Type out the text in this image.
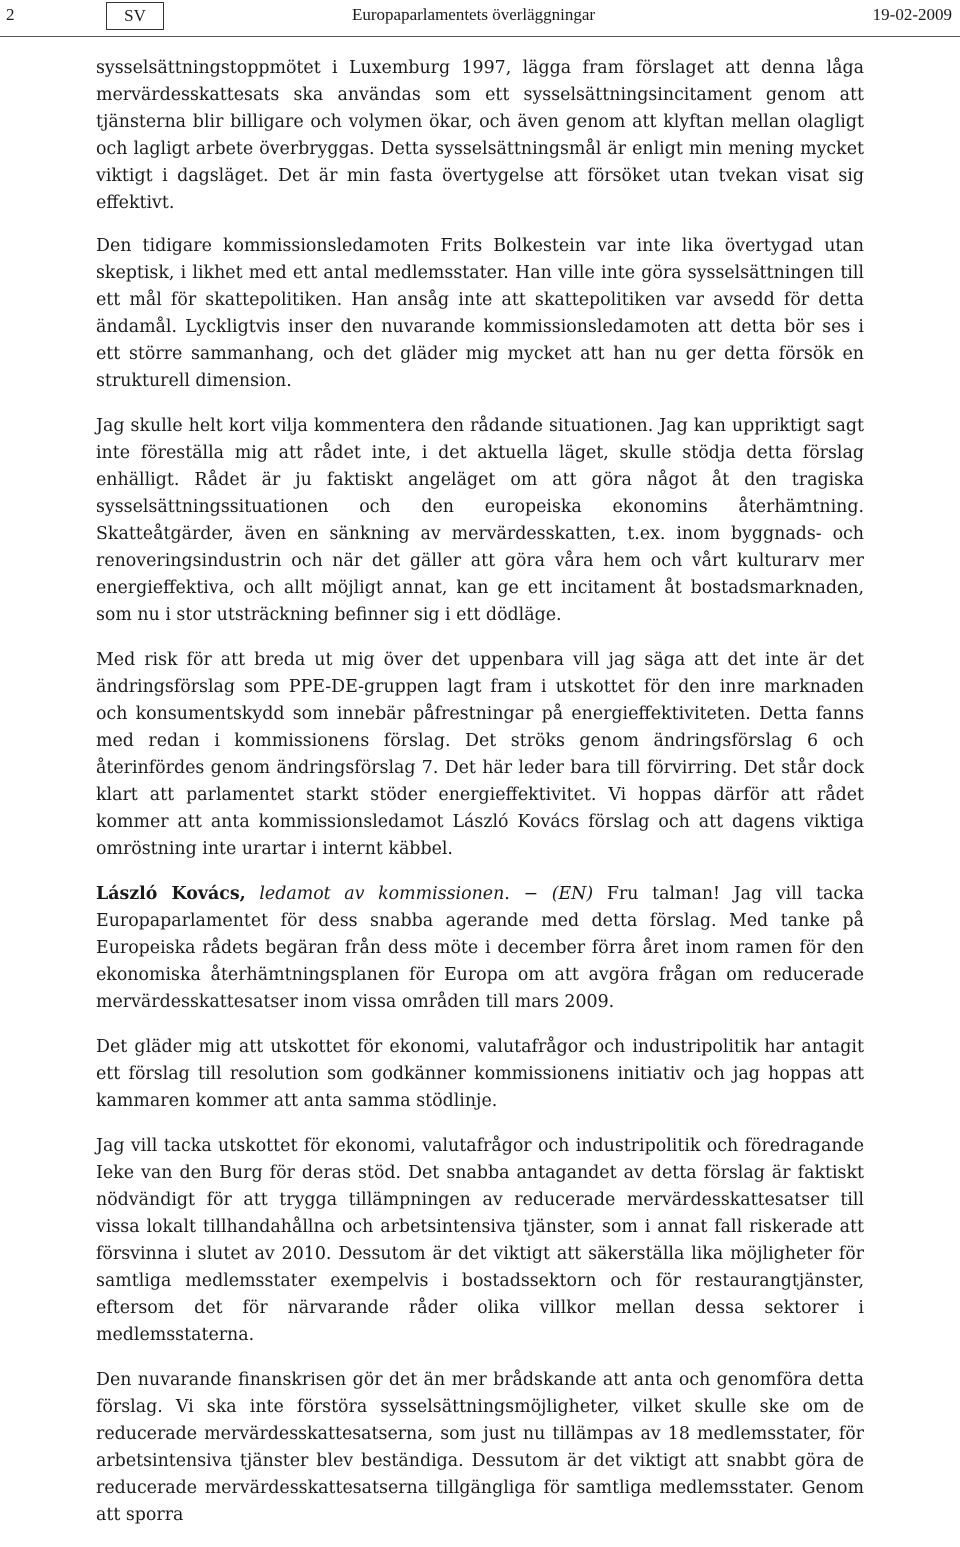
2	SV	Europaparlamentets överläggningar	19-02-2009

sysselsättningstoppmötet i Luxemburg 1997, lägga fram förslaget att denna låga mervärdesskattesats ska användas som ett sysselsättningsincitament genom att tjänsterna blir billigare och volymen ökar, och även genom att klyftan mellan olagligt och lagligt arbete överbryggas. Detta sysselsättningsmål är enligt min mening mycket viktigt i dagsläget. Det är min fasta övertygelse att försöket utan tvekan visat sig effektivt.

Den tidigare kommissionsledamoten Frits Bolkestein var inte lika övertygad utan skeptisk, i likhet med ett antal medlemsstater. Han ville inte göra sysselsättningen till ett mål för skattepolitiken. Han ansåg inte att skattepolitiken var avsedd för detta ändamål. Lyckligtvis inser den nuvarande kommissionsledamoten att detta bör ses i ett större sammanhang, och det gläder mig mycket att han nu ger detta försök en strukturell dimension.

Jag skulle helt kort vilja kommentera den rådande situationen. Jag kan uppriktigt sagt inte föreställa mig att rådet inte, i det aktuella läget, skulle stödja detta förslag enhälligt. Rådet är ju faktiskt angeläget om att göra något åt den tragiska sysselsättningssituationen och den europeiska ekonomins återhämtning. Skatteåtgärder, även en sänkning av mervärdesskatten, t.ex. inom byggnads- och renoveringsindustrin och när det gäller att göra våra hem och vårt kulturarv mer energieffektiva, och allt möjligt annat, kan ge ett incitament åt bostadsmarknaden, som nu i stor utsträckning befinner sig i ett dödläge.

Med risk för att breda ut mig över det uppenbara vill jag säga att det inte är det ändringsförslag som PPE-DE-gruppen lagt fram i utskottet för den inre marknaden och konsumentskydd som innebär påfrestningar på energieffektiviteten. Detta fanns med redan i kommissionens förslag. Det ströks genom ändringsförslag 6 och återinfördes genom ändringsförslag 7. Det här leder bara till förvirring. Det står dock klart att parlamentet starkt stöder energieffektivitet. Vi hoppas därför att rådet kommer att anta kommissionsledamot László Kovács förslag och att dagens viktiga omröstning inte urartar i internt käbbel.

László Kovács, ledamot av kommissionen. − (EN) Fru talman! Jag vill tacka Europaparlamentet för dess snabba agerande med detta förslag. Med tanke på Europeiska rådets begäran från dess möte i december förra året inom ramen för den ekonomiska återhämtningsplanen för Europa om att avgöra frågan om reducerade mervärdesskattesatser inom vissa områden till mars 2009.

Det gläder mig att utskottet för ekonomi, valutafrågor och industripolitik har antagit ett förslag till resolution som godkänner kommissionens initiativ och jag hoppas att kammaren kommer att anta samma stödlinje.

Jag vill tacka utskottet för ekonomi, valutafrågor och industripolitik och föredragande Ieke van den Burg för deras stöd. Det snabba antagandet av detta förslag är faktiskt nödvändigt för att trygga tillämpningen av reducerade mervärdesskattesatser till vissa lokalt tillhandahållna och arbetsintensiva tjänster, som i annat fall riskerade att försvinna i slutet av 2010. Dessutom är det viktigt att säkerställa lika möjligheter för samtliga medlemsstater exempelvis i bostadssektorn och för restaurangtjänster, eftersom det för närvarande råder olika villkor mellan dessa sektorer i medlemsstaterna.

Den nuvarande finanskrisen gör det än mer brådskande att anta och genomföra detta förslag. Vi ska inte förstöra sysselsättningsmöjligheter, vilket skulle ske om de reducerade mervärdesskattesatserna, som just nu tillämpas av 18 medlemsstater, för arbetsintensiva tjänster blev beständiga. Dessutom är det viktigt att snabbt göra de reducerade mervärdesskattesatserna tillgängliga för samtliga medlemsstater. Genom att sporra
